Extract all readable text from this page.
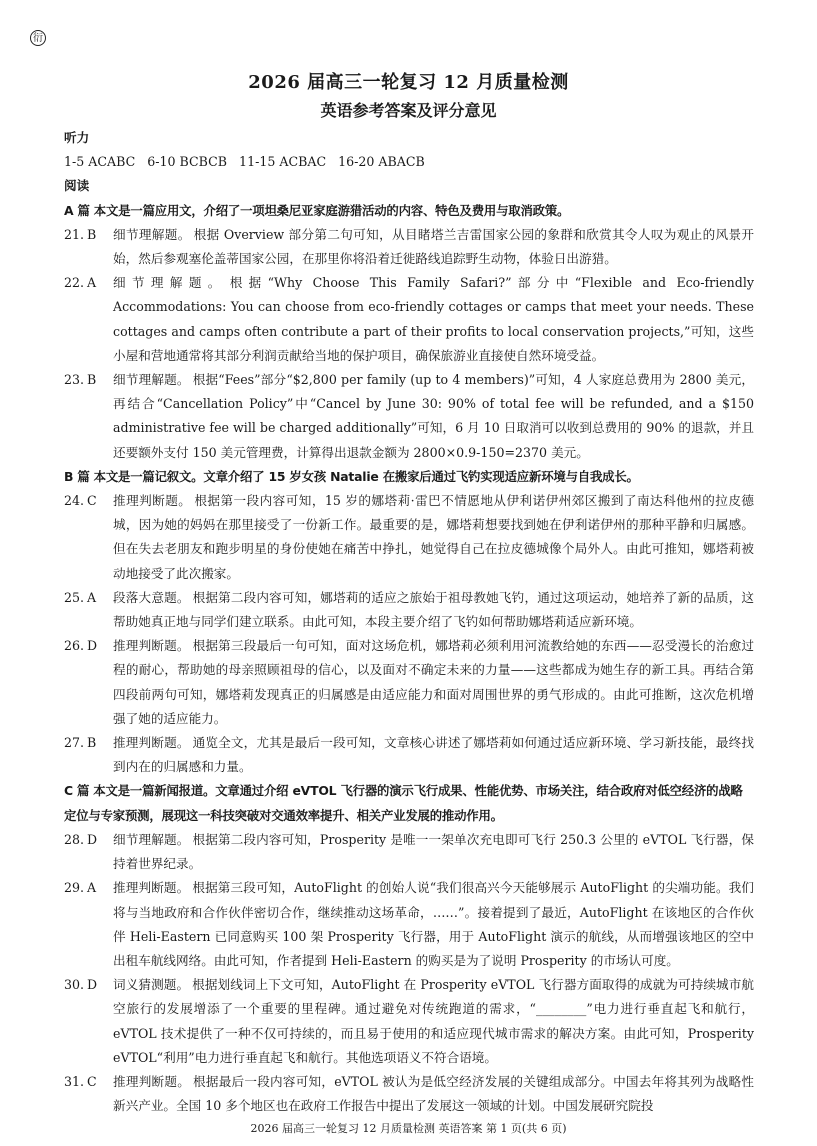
衍
2026 届高三一轮复习 12 月质量检测
英语参考答案及评分意见
听力
1-5 ACABC   6-10 BCBCB   11-15 ACBAC   16-20 ABACB
阅读
A 篇 本文是一篇应用文，介绍了一项坦桑尼亚家庭游猎活动的内容、特色及费用与取消政策。
21. B	细节理解题。 根据 Overview 部分第二句可知，从目睹塔兰吉雷国家公园的象群和欣赏其令人叹为观止的风景开始，然后参观塞伦盖蒂国家公园，在那里你将沿着迁徙路线追踪野生动物，体验日出游猎。
22. A	细节理解题。 根据“Why Choose This Family Safari?”部分中“Flexible and Eco-friendly Accommodations: You can choose from eco-friendly cottages or camps that meet your needs. These cottages and camps often contribute a part of their profits to local conservation projects,”可知，这些小屋和营地通常将其部分利润贡献给当地的保护项目，确保旅游业直接使自然环境受益。
23. B	细节理解题。 根据“Fees”部分“$2,800 per family (up to 4 members)”可知，4 人家庭总费用为 2800 美元，再结合“Cancellation Policy”中“Cancel by June 30: 90% of total fee will be refunded, and a $150 administrative fee will be charged additionally”可知，6 月 10 日取消可以收到总费用的 90% 的退款，并且还要额外支付 150 美元管理费，计算得出退款金额为 2800×0.9-150=2370 美元。
B 篇 本文是一篇记叙文。文章介绍了 15 岁女孩 Natalie 在搬家后通过飞钓实现适应新环境与自我成长。
24. C	推理判断题。 根据第一段内容可知，15 岁的娜塔莉·雷巴不情愿地从伊利诺伊州郊区搬到了南达科他州的拉皮德城，因为她的妈妈在那里接受了一份新工作。最重要的是，娜塔莉想要找到她在伊利诺伊州的那种平静和归属感。但在失去老朋友和跑步明星的身份使她在痛苦中挣扎，她觉得自己在拉皮德城像个局外人。由此可推知，娜塔莉被动地接受了此次搬家。
25. A	段落大意题。 根据第二段内容可知，娜塔莉的适应之旅始于祖母教她飞钓，通过这项运动，她培养了新的品质，这帮助她真正地与同学们建立联系。由此可知，本段主要介绍了飞钓如何帮助娜塔莉适应新环境。
26. D	推理判断题。 根据第三段最后一句可知，面对这场危机，娜塔莉必须利用河流教给她的东西——忍受漫长的治愈过程的耐心，帮助她的母亲照顾祖母的信心，以及面对不确定未来的力量——这些都成为她生存的新工具。再结合第四段前两句可知，娜塔莉发现真正的归属感是由适应能力和面对周围世界的勇气形成的。由此可推断，这次危机增强了她的适应能力。
27. B	推理判断题。 通览全文，尤其是最后一段可知，文章核心讲述了娜塔莉如何通过适应新环境、学习新技能，最终找到内在的归属感和力量。
C 篇 本文是一篇新闻报道。文章通过介绍 eVTOL 飞行器的演示飞行成果、性能优势、市场关注，结合政府对低空经济的战略定位与专家预测，展现这一科技突破对交通效率提升、相关产业发展的推动作用。
28. D	细节理解题。 根据第二段内容可知，Prosperity 是唯一一架单次充电即可飞行 250.3 公里的 eVTOL 飞行器，保持着世界纪录。
29. A	推理判断题。 根据第三段可知，AutoFlight 的创始人说“我们很高兴今天能够展示 AutoFlight 的尖端功能。我们将与当地政府和合作伙伴密切合作，继续推动这场革命，……”。接着提到了最近，AutoFlight 在该地区的合作伙伴 Heli-Eastern 已同意购买 100 架 Prosperity 飞行器，用于 AutoFlight 演示的航线，从而增强该地区的空中出租车航线网络。由此可知，作者提到 Heli-Eastern 的购买是为了说明 Prosperity 的市场认可度。
30. D	词义猜测题。 根据划线词上下文可知，AutoFlight 在 Prosperity eVTOL 飞行器方面取得的成就为可持续城市航空旅行的发展增添了一个重要的里程碑。通过避免对传统跑道的需求，“________”电力进行垂直起飞和航行，eVTOL 技术提供了一种不仅可持续的，而且易于使用的和适应现代城市需求的解决方案。由此可知，Prosperity eVTOL“利用”电力进行垂直起飞和航行。其他选项语义不符合语境。
31. C	推理判断题。 根据最后一段内容可知，eVTOL 被认为是低空经济发展的关键组成部分。中国去年将其列为战略性新兴产业。全国 10 多个地区也在政府工作报告中提出了发展这一领域的计划。中国发展研究院投
2026 届高三一轮复习 12 月质量检测 英语答案 第 1 页(共 6 页)
